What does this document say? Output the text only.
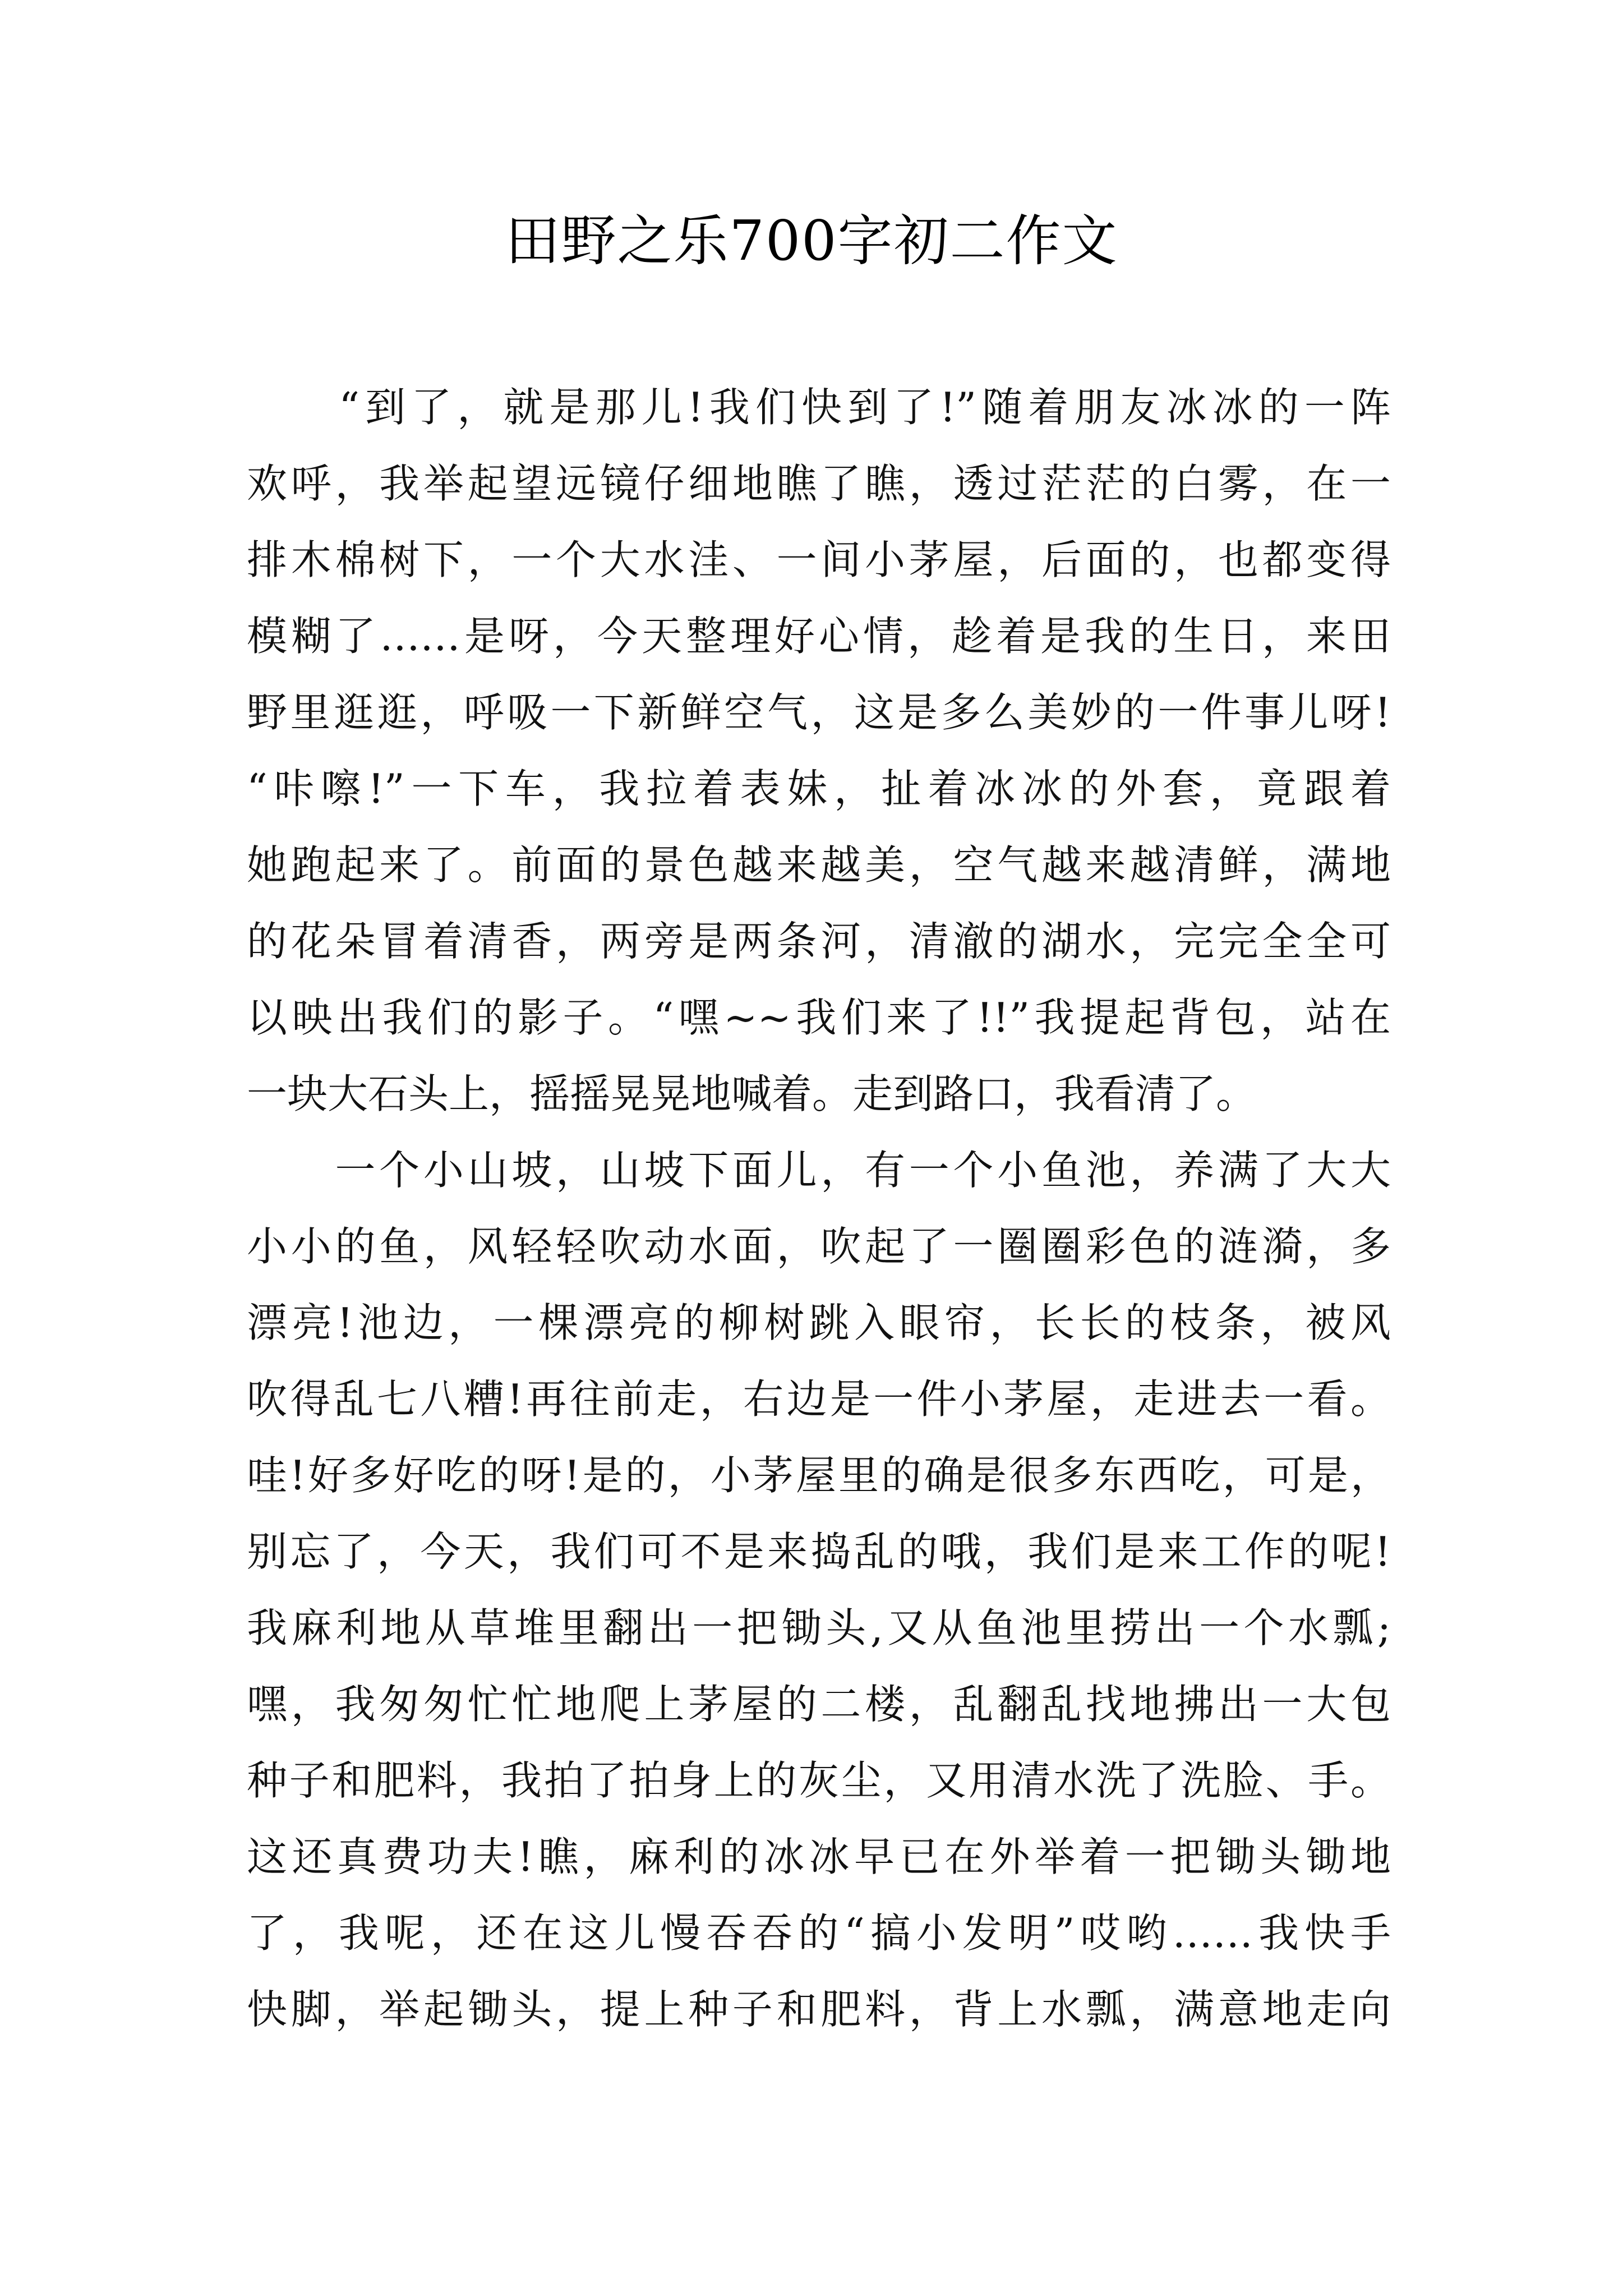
田野之乐700字初二作文
　　“到了，就是那儿!我们快到了!”随着朋友冰冰的一阵
欢呼，我举起望远镜仔细地瞧了瞧，透过茫茫的白雾，在一
排木棉树下，一个大水洼、一间小茅屋，后面的，也都变得
模糊了……是呀，今天整理好心情，趁着是我的生日，来田
野里逛逛，呼吸一下新鲜空气，这是多么美妙的一件事儿呀!
“咔嚓!”一下车，我拉着表妹，扯着冰冰的外套，竟跟着
她跑起来了。前面的景色越来越美，空气越来越清鲜，满地
的花朵冒着清香，两旁是两条河，清澈的湖水，完完全全可
以映出我们的影子。“嘿~~我们来了!!”我提起背包，站在
一块大石头上，摇摇晃晃地喊着。走到路口，我看清了。
　　一个小山坡，山坡下面儿，有一个小鱼池，养满了大大
小小的鱼，风轻轻吹动水面，吹起了一圈圈彩色的涟漪，多
漂亮!池边，一棵漂亮的柳树跳入眼帘，长长的枝条，被风
吹得乱七八糟!再往前走，右边是一件小茅屋，走进去一看。
哇!好多好吃的呀!是的，小茅屋里的确是很多东西吃，可是，
别忘了，今天，我们可不是来捣乱的哦，我们是来工作的呢!
我麻利地从草堆里翻出一把锄头,又从鱼池里捞出一个水瓢;
嘿，我匆匆忙忙地爬上茅屋的二楼，乱翻乱找地拂出一大包
种子和肥料，我拍了拍身上的灰尘，又用清水洗了洗脸、手。
这还真费功夫!瞧，麻利的冰冰早已在外举着一把锄头锄地
了，我呢，还在这儿慢吞吞的“搞小发明”哎哟……我快手
快脚，举起锄头，提上种子和肥料，背上水瓢，满意地走向
